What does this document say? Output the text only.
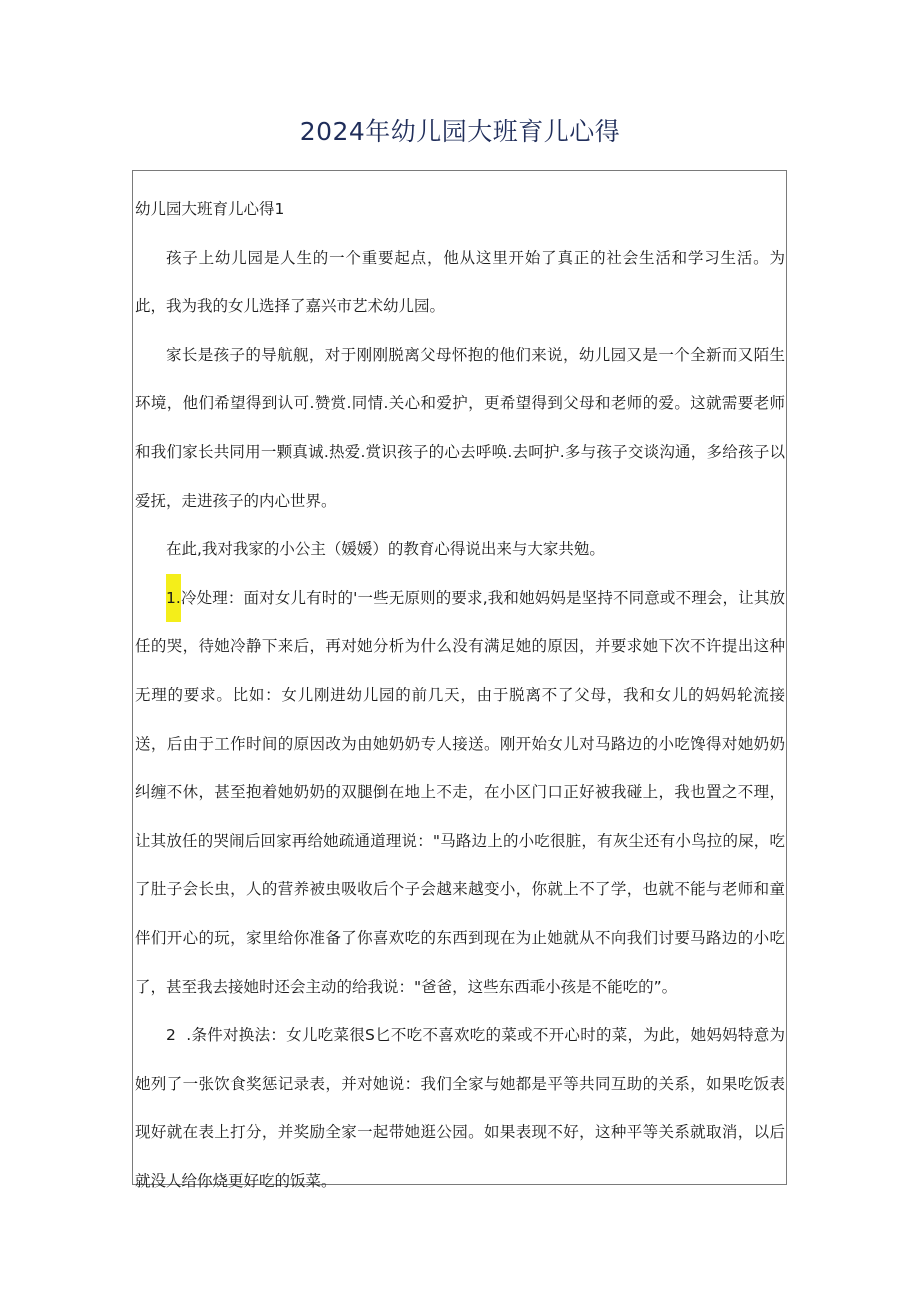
2024年幼儿园大班育儿心得

幼儿园大班育儿心得1

孩子上幼儿园是人生的一个重要起点，他从这里开始了真正的社会生活和学习生活。为此，我为我的女儿选择了嘉兴市艺术幼儿园。

家长是孩子的导航舰，对于刚刚脱离父母怀抱的他们来说，幼儿园又是一个全新而又陌生环境，他们希望得到认可.赞赏.同情.关心和爱护，更希望得到父母和老师的爱。这就需要老师和我们家长共同用一颗真诚.热爱.赏识孩子的心去呼唤.去呵护.多与孩子交谈沟通，多给孩子以爱抚，走进孩子的内心世界。

在此,我对我家的小公主（媛媛）的教育心得说出来与大家共勉。

1.冷处理：面对女儿有时的'一些无原则的要求,我和她妈妈是坚持不同意或不理会，让其放任的哭，待她冷静下来后，再对她分析为什么没有满足她的原因，并要求她下次不许提出这种无理的要求。比如：女儿刚进幼儿园的前几天，由于脱离不了父母，我和女儿的妈妈轮流接送，后由于工作时间的原因改为由她奶奶专人接送。刚开始女儿对马路边的小吃馋得对她奶奶纠缠不休，甚至抱着她奶奶的双腿倒在地上不走，在小区门口正好被我碰上，我也置之不理，让其放任的哭闹后回家再给她疏通道理说："马路边上的小吃很脏，有灰尘还有小鸟拉的屎，吃了肚子会长虫，人的营养被虫吸收后个子会越来越变小，你就上不了学，也就不能与老师和童伴们开心的玩，家里给你准备了你喜欢吃的东西到现在为止她就从不向我们讨要马路边的小吃了，甚至我去接她时还会主动的给我说："爸爸，这些东西乖小孩是不能吃的”。

2 .条件对换法：女儿吃菜很S匕不吃不喜欢吃的菜或不开心时的菜，为此，她妈妈特意为她列了一张饮食奖惩记录表，并对她说：我们全家与她都是平等共同互助的关系，如果吃饭表现好就在表上打分，并奖励全家一起带她逛公园。如果表现不好，这种平等关系就取消，以后就没人给你烧更好吃的饭菜。
